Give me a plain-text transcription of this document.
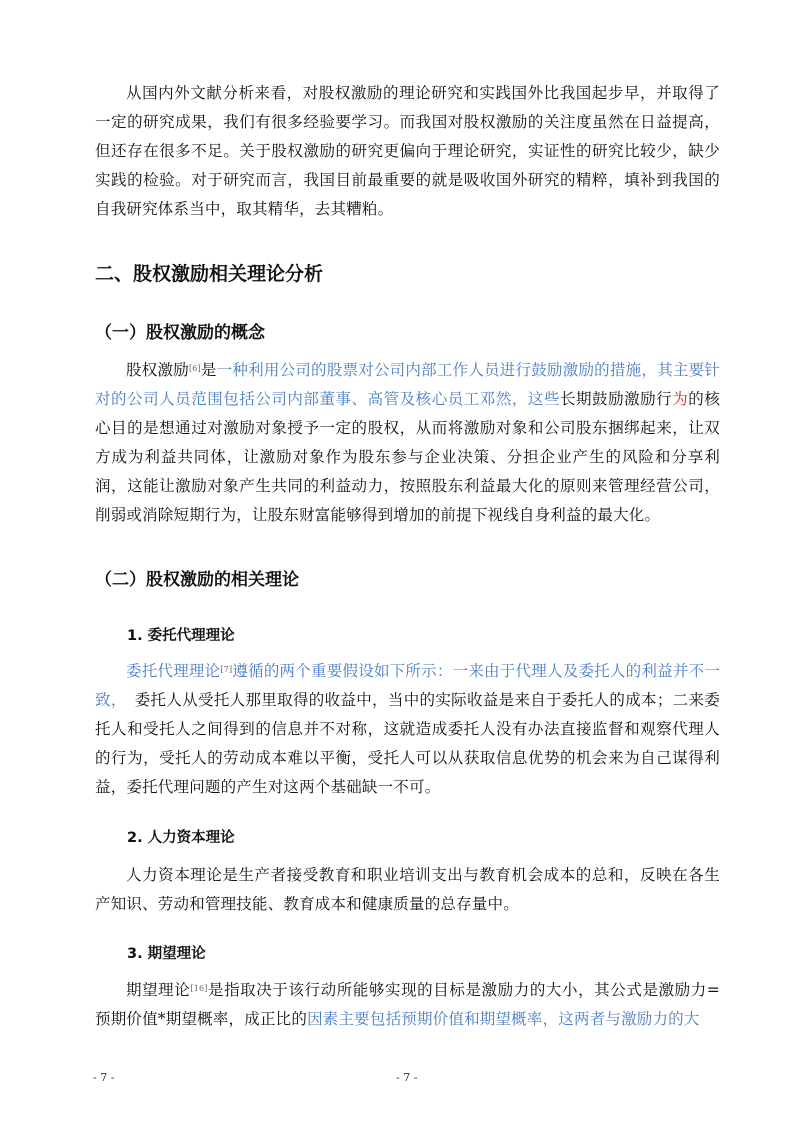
从国内外文献分析来看，对股权激励的理论研究和实践国外比我国起步早，并取得了一定的研究成果，我们有很多经验要学习。而我国对股权激励的关注度虽然在日益提高，但还存在很多不足。关于股权激励的研究更偏向于理论研究，实证性的研究比较少，缺少实践的检验。对于研究而言，我国目前最重要的就是吸收国外研究的精粹，填补到我国的自我研究体系当中，取其精华，去其糟粕。

二、股权激励相关理论分析
（一）股权激励的概念

股权激励[6]是一种利用公司的股票对公司内部工作人员进行鼓励激励的措施，其主要针对的公司人员范围包括公司内部董事、高管及核心员工邓然，这些长期鼓励激励行为的核心目的是想通过对激励对象授予一定的股权，从而将激励对象和公司股东捆绑起来，让双方成为利益共同体，让激励对象作为股东参与企业决策、分担企业产生的风险和分享利润，这能让激励对象产生共同的利益动力，按照股东利益最大化的原则来管理经营公司，削弱或消除短期行为，让股东财富能够得到增加的前提下视线自身利益的最大化。

（二）股权激励的相关理论
1. 委托代理理论

委托代理理论[7]遵循的两个重要假设如下所示：一来由于代理人及委托人的利益并不一致，　委托人从受托人那里取得的收益中，当中的实际收益是来自于委托人的成本；二来委托人和受托人之间得到的信息并不对称，这就造成委托人没有办法直接监督和观察代理人的行为，受托人的劳动成本难以平衡，受托人可以从获取信息优势的机会来为自己谋得利益，委托代理问题的产生对这两个基础缺一不可。

2. 人力资本理论

人力资本理论是生产者接受教育和职业培训支出与教育机会成本的总和，反映在各生产知识、劳动和管理技能、教育成本和健康质量的总存量中。

3. 期望理论

期望理论[16]是指取决于该行动所能够实现的目标是激励力的大小，其公式是激励力=预期价值*期望概率，成正比的因素主要包括预期价值和期望概率，这两者与激励力的大

- 7 -	- 7 -
